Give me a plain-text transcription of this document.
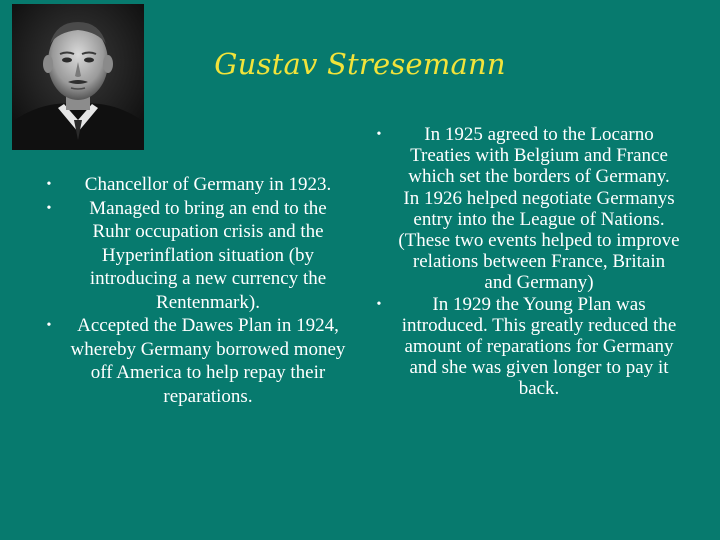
Gustav Stresemann
•	Chancellor of Germany in 1923.
•	Managed to bring an end to the Ruhr occupation crisis and the Hyperinflation situation (by introducing a new currency the Rentenmark).
•	Accepted the Dawes Plan in 1924, whereby Germany borrowed money off America to help repay their reparations.
•	In 1925 agreed to the Locarno Treaties with Belgium and France which set the borders of Germany. In 1926 helped negotiate Germanys entry into the League of Nations. (These two events helped to improve relations between France, Britain and Germany)
•	In 1929 the Young Plan was introduced. This greatly reduced the amount of reparations for Germany and she was given longer to pay it back.
